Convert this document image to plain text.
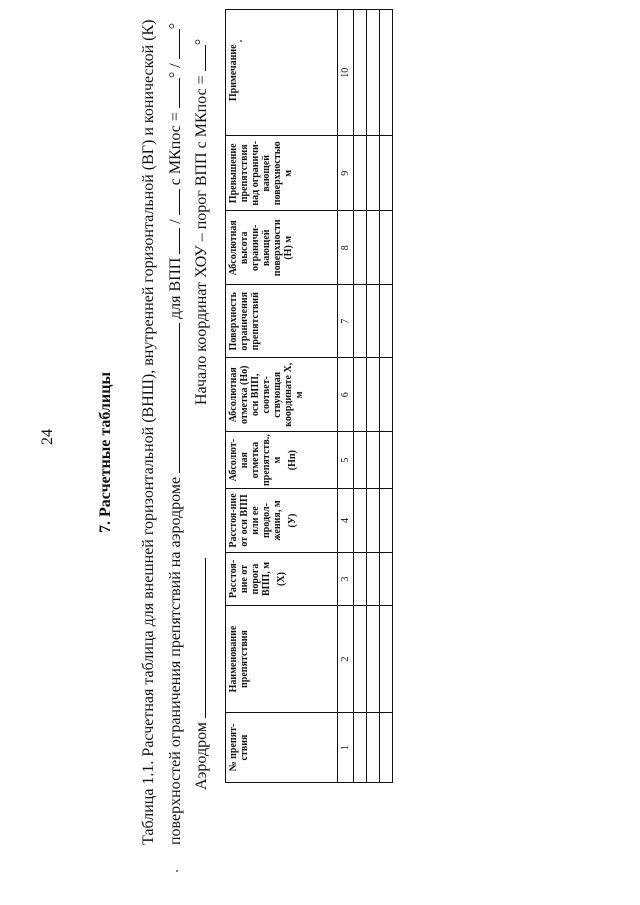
24	7. Расчетные таблицы Таблица 1.1. Расчетная таблица для внешней горизонтальной (ВНШ), внутренней горизонтальной (ВГ) и конической (К) поверхностей ограничения препятствий на аэродроме  для ВПП  /  с МКпос = ° / °
Аэродром
Начало координат ХОУ – порог ВПП с МКпос = °
№ препят-ствия	Наименование препятствия	Расстоя-ние от порога ВПП, м (X)	Расстоя-ние от оси ВПП или ее продол-жения, м (У)	Абсолют-ная отметка препятств., м (Нп)	Абсолютная отметка (Но) оси ВПП, соответ-ствующая координате Х, м	Поверхность ограничения препятствий	Абсолютная высота ограничи-вающей поверхности (Н) м	Превышение препятствия над ограничи-вающей поверхностью м	Примечание

1	2	3	4	5	6	7	8	9	10
